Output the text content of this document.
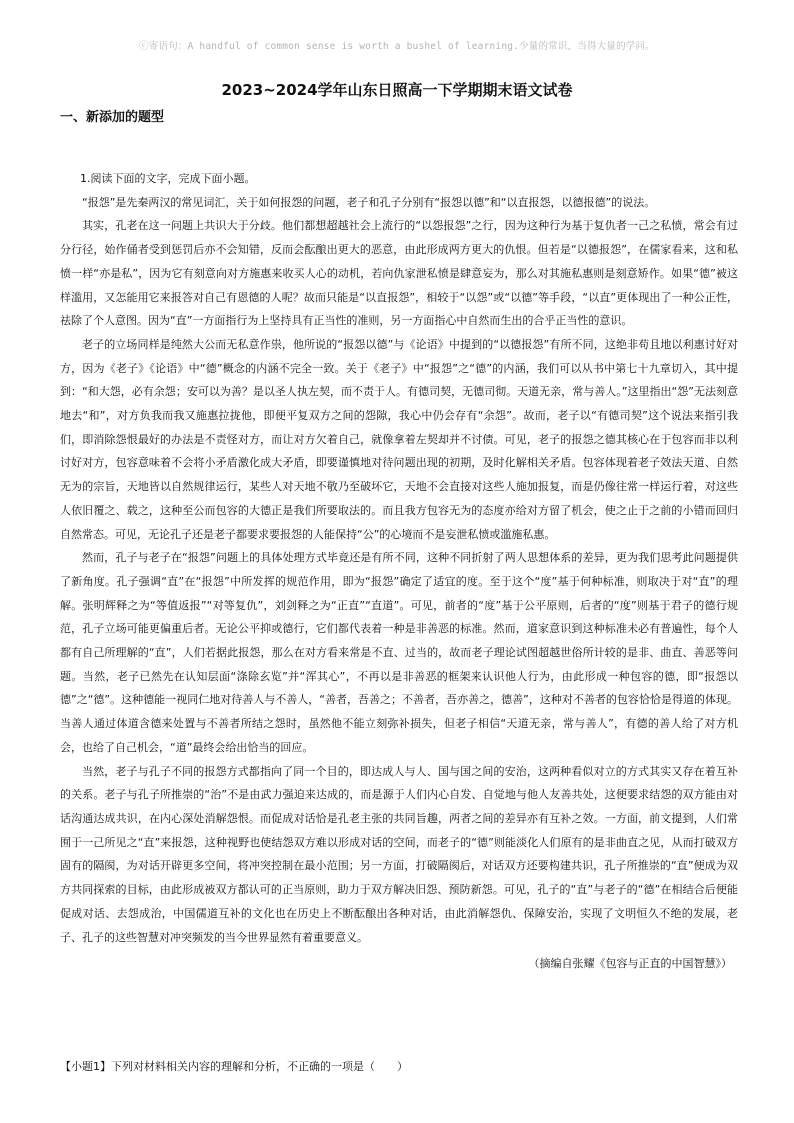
ⓒ寄语句：A handful of common sense is worth a bushel of learning.少量的常识，当得大量的学问。
2023~2024学年山东日照高一下学期期末语文试卷
一、新添加的题型

1.阅读下面的文字，完成下面小题。

“报怨”是先秦两汉的常见词汇，关于如何报怨的问题，老子和孔子分别有“报怨以德”和“以直报怨，以德报德”的说法。

其实，孔老在这一问题上共识大于分歧。他们都想超越社会上流行的“以怨报怨”之行，因为这种行为基于复仇者一己之私愤，常会有过分行径，始作俑者受到惩罚后亦不会知错，反而会酝酿出更大的恶意，由此形成两方更大的仇恨。但若是“以德报怨”，在儒家看来，这和私愤一样“亦是私”，因为它有刻意向对方施惠来收买人心的动机，若向仇家泄私愤是肆意妄为，那么对其施私惠则是刻意矫作。如果“德”被这样滥用，又怎能用它来报答对自己有恩德的人呢？故而只能是“以直报怨”，相较于“以怨”或“以德”等手段，“以直”更体现出了一种公正性，祛除了个人意图。因为“直”一方面指行为上坚持具有正当性的准则，另一方面指心中自然而生出的合乎正当性的意识。

老子的立场同样是纯然大公而无私意作祟，他所说的“报怨以德”与《论语》中提到的“以德报怨”有所不同，这绝非苟且地以利惠讨好对方，因为《老子》《论语》中“德”概念的内涵不完全一致。关于《老子》中“报怨”之“德”的内涵，我们可以从书中第七十九章切入，其中提到：“和大怨，必有余怨；安可以为善？是以圣人执左契，而不责于人。有德司契，无德司彻。天道无亲，常与善人。”这里指出“怨”无法刻意地去“和”，对方负我而我又施惠拉拢他，即便平复双方之间的怨隙，我心中仍会存有“余怨”。故而，老子以“有德司契”这个说法来指引我们，即消除怨恨最好的办法是不责怪对方，而让对方欠着自己，就像拿着左契却并不讨债。可见，老子的报怨之德其核心在于包容而非以利讨好对方，包容意味着不会将小矛盾激化成大矛盾，即要谨慎地对待问题出现的初期，及时化解相关矛盾。包容体现着老子效法天道、自然无为的宗旨，天地皆以自然规律运行，某些人对天地不敬乃至破坏它，天地不会直接对这些人施加报复，而是仍像往常一样运行着，对这些人依旧覆之、载之，这种至公而包容的大德正是我们所要取法的。而且我方包容无为的态度亦给对方留了机会，使之止于之前的小错而回归自然常态。可见，无论孔子还是老子都要求要报怨的人能保持“公”的心境而不是妄泄私愤或滥施私惠。

然而，孔子与老子在“报怨”问题上的具体处理方式毕竟还是有所不同，这种不同折射了两人思想体系的差异，更为我们思考此问题提供了新角度。孔子强调“直”在“报怨”中所发挥的规范作用，即为“报怨”确定了适宜的度。至于这个“度”基于何种标准，则取决于对“直”的理解。张明辉释之为“等值返报”“对等复仇”，刘剑释之为“正直”“直道”。可见，前者的“度”基于公平原则，后者的“度”则基于君子的德行规范，孔子立场可能更偏重后者。无论公平抑或德行，它们都代表着一种是非善恶的标准。然而，道家意识到这种标准未必有普遍性，每个人都有自己所理解的“直”，人们若据此报怨，那么在对方看来常是不直、过当的，故而老子理论试图超越世俗所计较的是非、曲直、善恶等问题。当然，老子已然先在认知层面“涤除玄览”并“浑其心”，不再以是非善恶的框架来认识他人行为，由此形成一种包容的德，即“报怨以德”之“德”。这种德能一视同仁地对待善人与不善人，“善者，吾善之；不善者，吾亦善之，德善”，这种对不善者的包容恰恰是得道的体现。当善人通过体道含德来处置与不善者所结之怨时，虽然他不能立刻弥补损失，但老子相信“天道无亲，常与善人”，有德的善人给了对方机会，也给了自己机会，“道”最终会给出恰当的回应。

当然，老子与孔子不同的报怨方式都指向了同一个目的，即达成人与人、国与国之间的安治，这两种看似对立的方式其实又存在着互补的关系。老子与孔子所推崇的“治”不是由武力强迫来达成的，而是源于人们内心自发、自觉地与他人友善共处，这便要求结怨的双方能由对话沟通达成共识，在内心深处消解怨恨。而促成对话恰是孔老主张的共同旨趣，两者之间的差异亦有互补之效。一方面，前文提到，人们常囿于一己所见之“直”来报怨，这种视野也使结怨双方难以形成对话的空间，而老子的“德”则能淡化人们原有的是非曲直之见，从而打破双方固有的隔阂，为对话开辟更多空间，将冲突控制在最小范围；另一方面，打破隔阂后，对话双方还要构建共识，孔子所推崇的“直”便成为双方共同探索的目标，由此形成被双方都认可的正当原则，助力于双方解决旧怨、预防新怨。可见，孔子的“直”与老子的“德”在相结合后便能促成对话、去怨成治，中国儒道互补的文化也在历史上不断酝酿出各种对话，由此消解怨仇、保障安治，实现了文明恒久不绝的发展，老子、孔子的这些智慧对冲突频发的当今世界显然有着重要意义。

（摘编自张耀《包容与正直的中国智慧》）

【小题1】下列对材料相关内容的理解和分析，不正确的一项是（　　）
